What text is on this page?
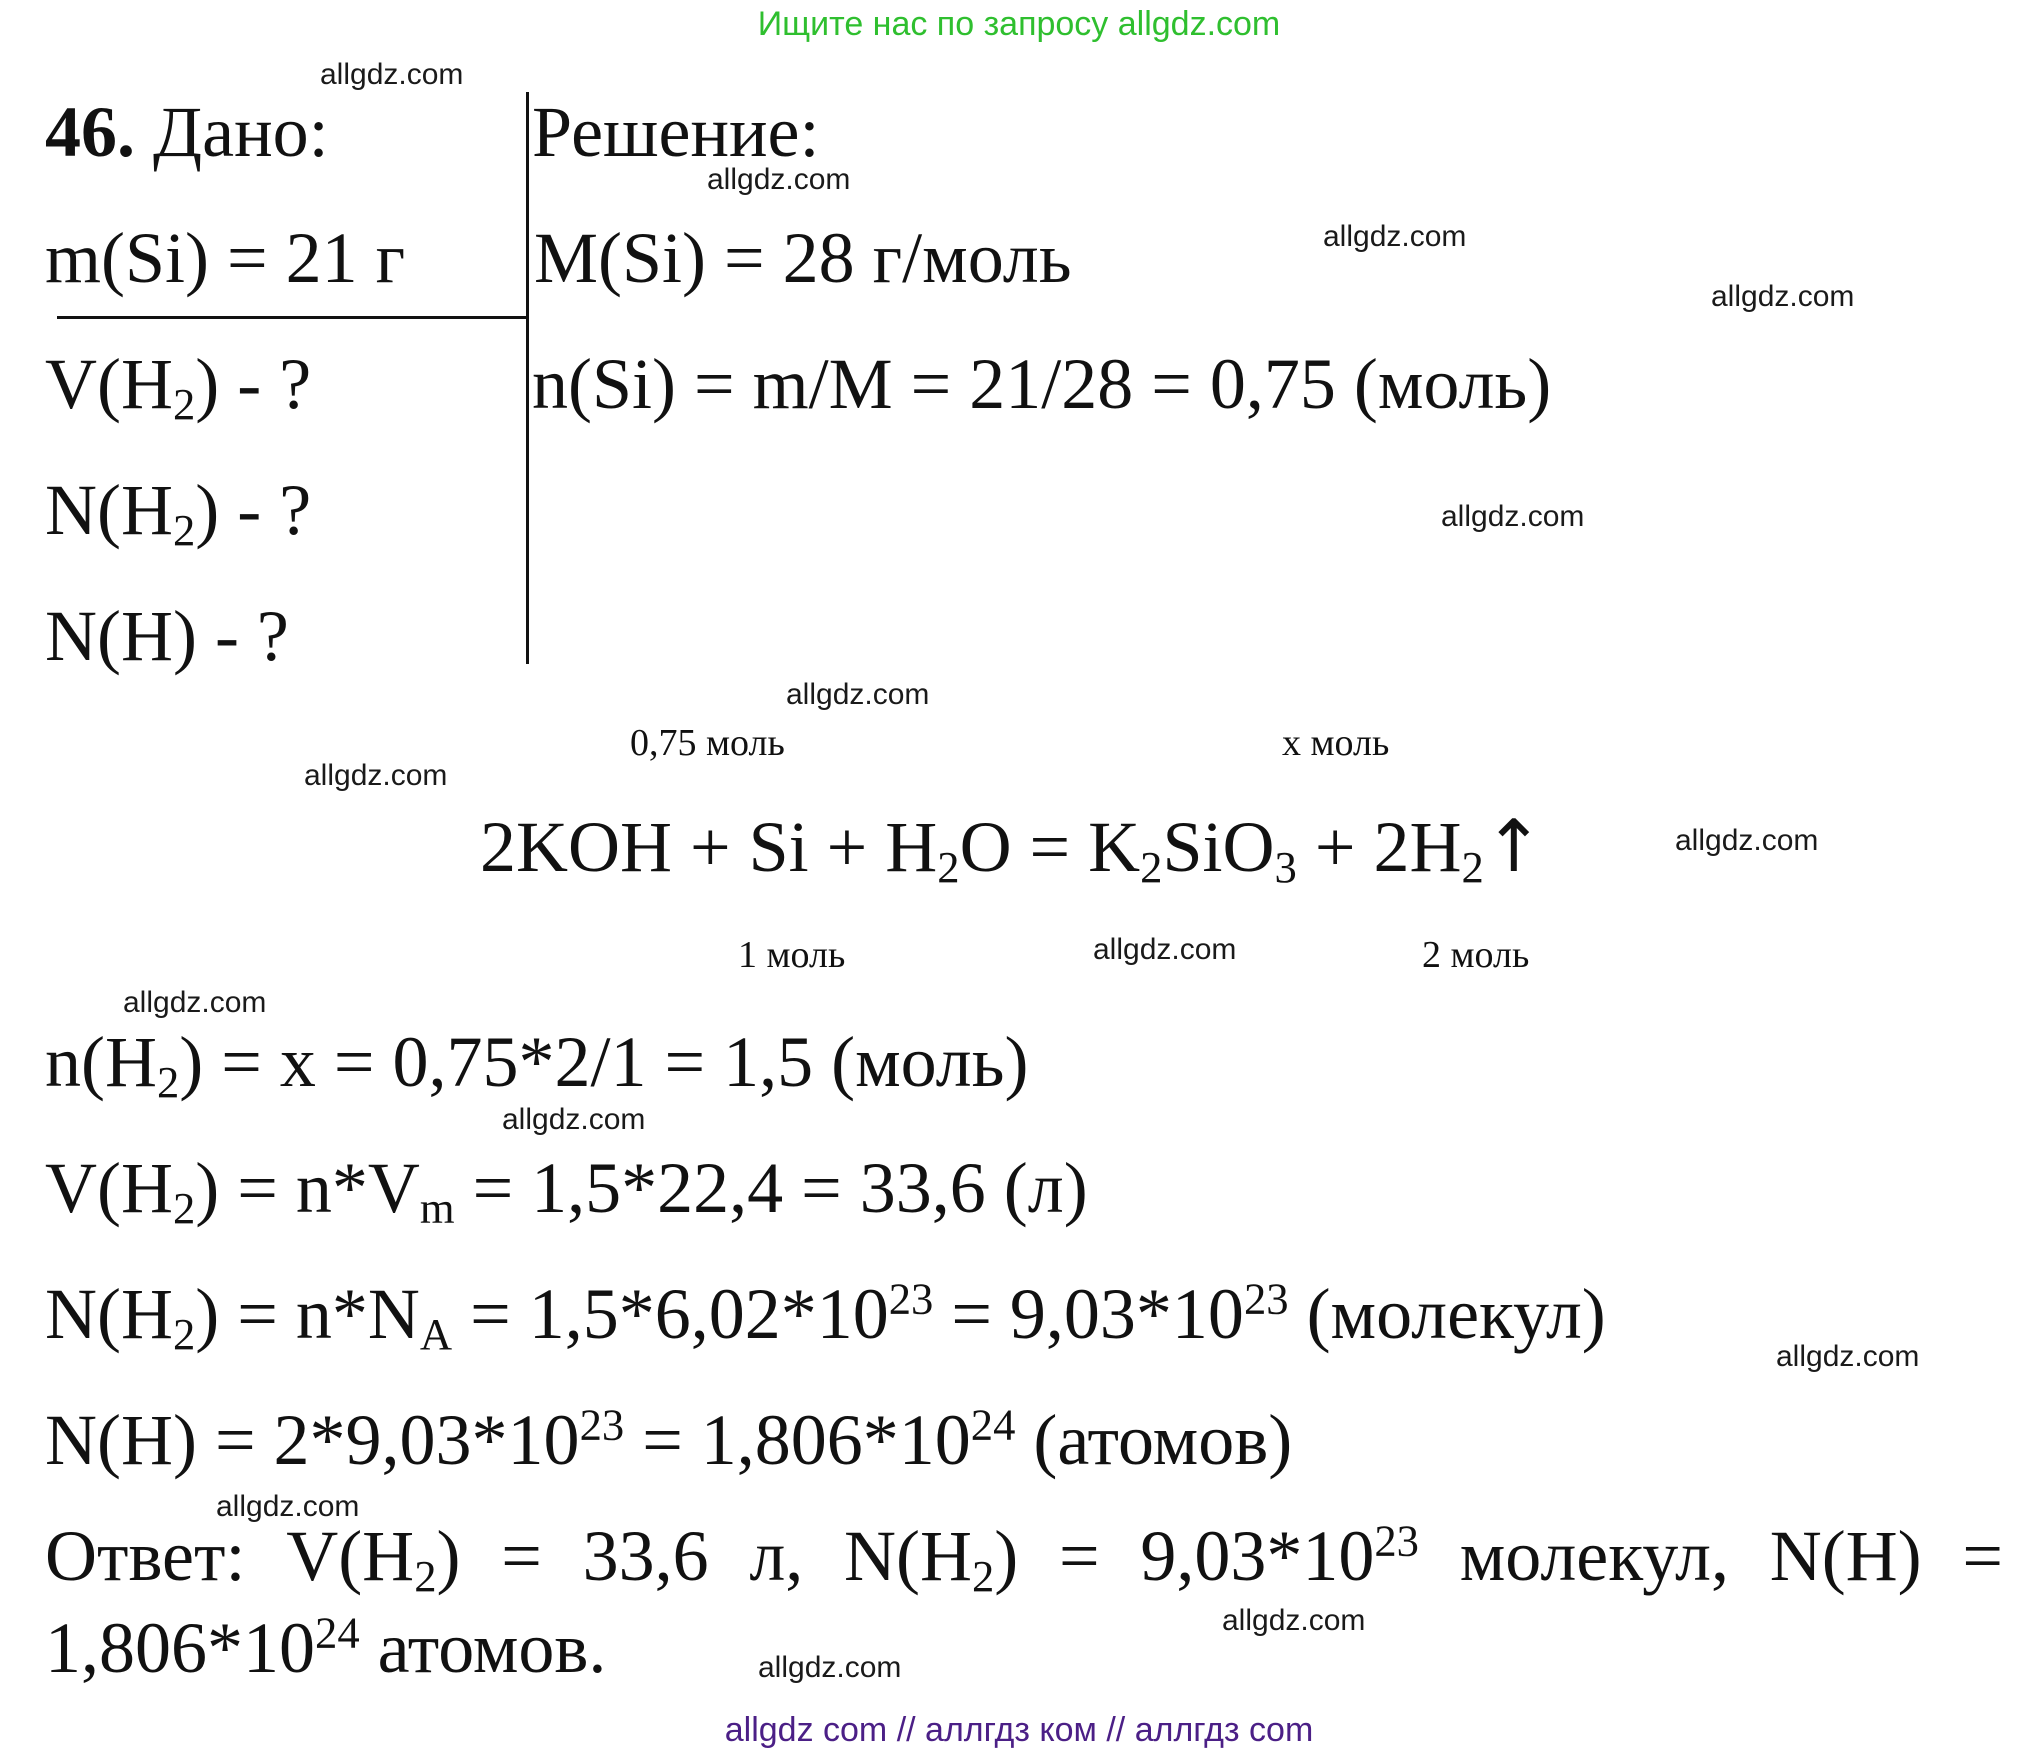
Ищите нас по запросу allgdz.com
allgdz com // аллгдз ком // аллгдз com
allgdz.com
allgdz.com
allgdz.com
allgdz.com
allgdz.com
allgdz.com
allgdz.com
allgdz.com
allgdz.com
allgdz.com
allgdz.com
allgdz.com
allgdz.com
allgdz.com
allgdz.com
46. Дано:	Решение:
m(Si) = 21 г
$V(H_2)$ - ?
$N(H_2)$ - ?
N(H) - ?
M(Si) = 28 г/моль
n(Si) = m/M = 21/28 = 0,75 (моль)
0,75 моль	х моль
$2KOH + Si + H_2O = K_2SiO_3$ + $2H_2↑$
1 моль	2 моль
$n(H_2) = x = 0,75*2/1 = 1,5$ (моль)
$V(H_2) = n*V_m = 1,5*22,4 = 33,6$ (л)
$N(H_2) = n*N_A = 1,5*6,02*10^{23} = 9,03*10^{23}$ (молекул)
$N(H) = 2*9,03*10^{23} = 1,806*10^{24}$ (атомов)
Ответ: $V(H_2) = 33,6$ л, $N(H_2) = 9,03*10^{23}$ молекул, $N(H) = 1,806*10^{24}$ атомов.
